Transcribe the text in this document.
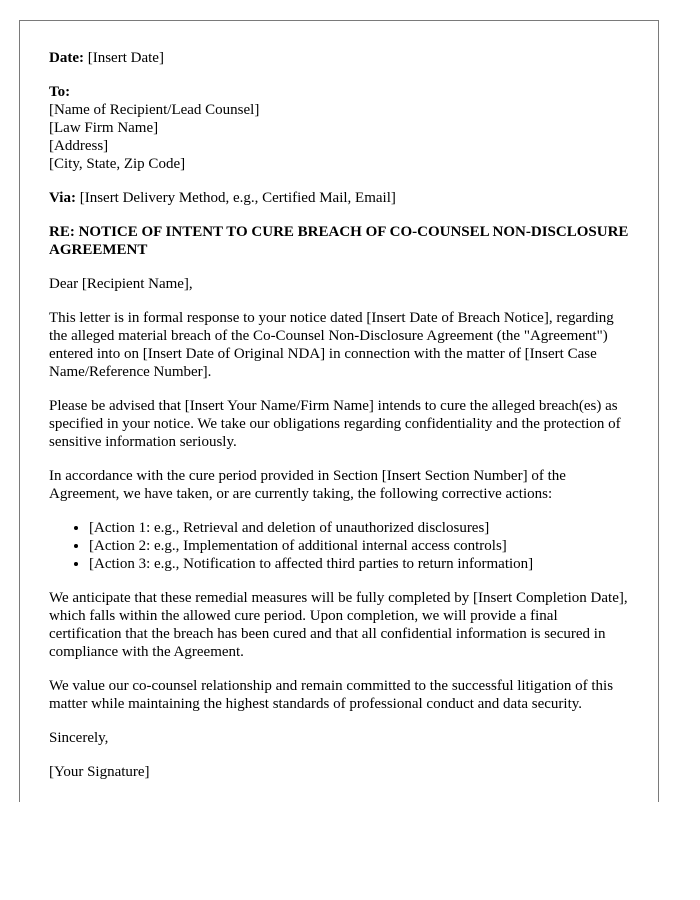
Date: [Insert Date]

To:
[Name of Recipient/Lead Counsel]
[Law Firm Name]
[Address]
[City, State, Zip Code]

Via: [Insert Delivery Method, e.g., Certified Mail, Email]

RE: NOTICE OF INTENT TO CURE BREACH OF CO-COUNSEL NON-DISCLOSURE AGREEMENT

Dear [Recipient Name],

This letter is in formal response to your notice dated [Insert Date of Breach Notice], regarding the alleged material breach of the Co-Counsel Non-Disclosure Agreement (the "Agreement") entered into on [Insert Date of Original NDA] in connection with the matter of [Insert Case Name/Reference Number].

Please be advised that [Insert Your Name/Firm Name] intends to cure the alleged breach(es) as specified in your notice. We take our obligations regarding confidentiality and the protection of sensitive information seriously.

In accordance with the cure period provided in Section [Insert Section Number] of the Agreement, we have taken, or are currently taking, the following corrective actions:

• [Action 1: e.g., Retrieval and deletion of unauthorized disclosures]
• [Action 2: e.g., Implementation of additional internal access controls]
• [Action 3: e.g., Notification to affected third parties to return information]

We anticipate that these remedial measures will be fully completed by [Insert Completion Date], which falls within the allowed cure period. Upon completion, we will provide a final certification that the breach has been cured and that all confidential information is secured in compliance with the Agreement.

We value our co-counsel relationship and remain committed to the successful litigation of this matter while maintaining the highest standards of professional conduct and data security.

Sincerely,

[Your Signature]
